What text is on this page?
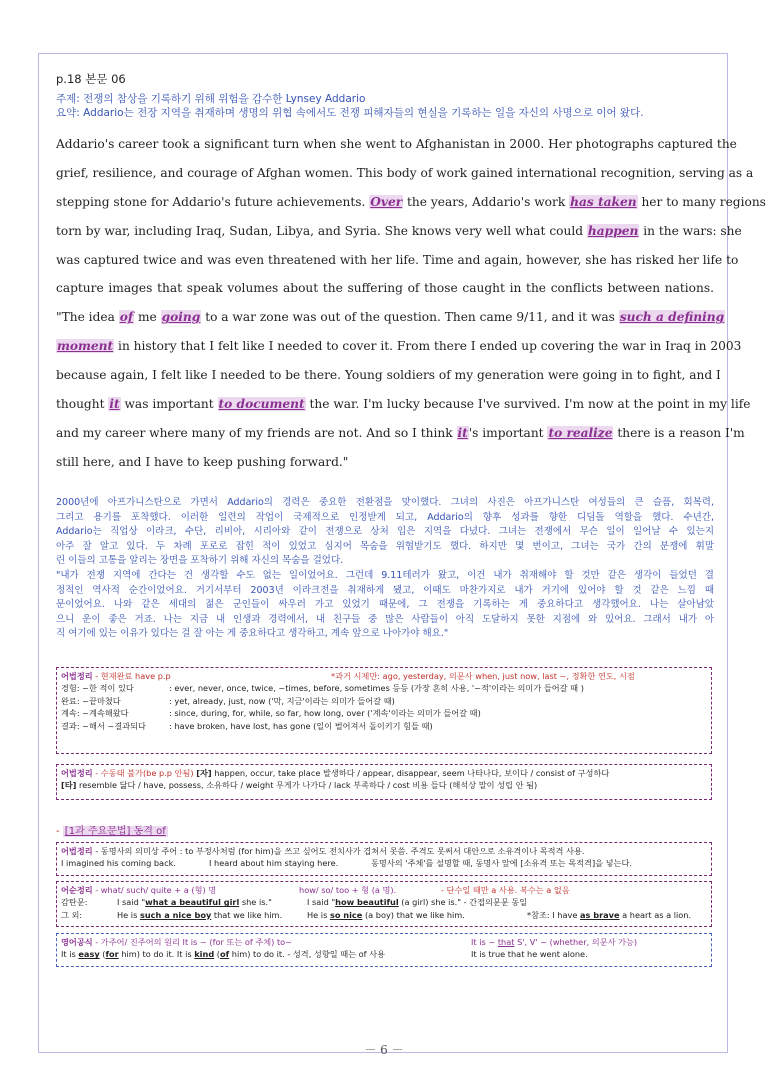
p.18 본문 06
주제: 전쟁의 참상을 기록하기 위해 위험을 감수한 Lynsey Addario
요약: Addario는 전장 지역을 취재하며 생명의 위협 속에서도 전쟁 피해자들의 현실을 기록하는 일을 자신의 사명으로 이어 왔다.
Addario's career took a significant turn when she went to Afghanistan in 2000. Her photographs captured the
grief, resilience, and courage of Afghan women. This body of work gained international recognition, serving as a
stepping stone for Addario's future achievements. Over the years, Addario's work has taken her to many regions
torn by war, including Iraq, Sudan, Libya, and Syria. She knows very well what could happen in the wars: she
was captured twice and was even threatened with her life. Time and again, however, she has risked her life to
capture images that speak volumes about the suffering of those caught in the conflicts between nations.
"The idea of me going to a war zone was out of the question. Then came 9/11, and it was such a defining
moment in history that I felt like I needed to cover it. From there I ended up covering the war in Iraq in 2003
because again, I felt like I needed to be there. Young soldiers of my generation were going in to fight, and I
thought it was important to document the war. I'm lucky because I've survived. I'm now at the point in my life
and my career where many of my friends are not. And so I think it's important to realize there is a reason I'm
still here, and I have to keep pushing forward."
2000년에 아프가니스탄으로 가면서 Addario의 경력은 중요한 전환점을 맞이했다. 그녀의 사진은 아프가니스탄 여성들의 큰 슬픔, 회복력,
그리고 용기를 포착했다. 이러한 일련의 작업이 국제적으로 인정받게 되고, Addario의 향후 성과를 향한 디딤돌 역할을 했다. 수년간,
Addario는 직업상 이라크, 수단, 리비아, 시리아와 같이 전쟁으로 상처 입은 지역을 다녔다. 그녀는 전쟁에서 무슨 일이 일어날 수 있는지
아주 잘 알고 있다. 두 차례 포로로 잡힌 적이 있었고 심지어 목숨을 위협받기도 했다. 하지만 몇 번이고, 그녀는 국가 간의 분쟁에 휘말
린 이들의 고통을 알리는 장면을 포착하기 위해 자신의 목숨을 걸었다.
"내가 전쟁 지역에 간다는 건 생각할 수도 없는 일이었어요. 그런데 9.11테러가 왔고, 이건 내가 취재해야 할 것만 같은 생각이 들었던 결
정적인 역사적 순간이었어요. 거기서부터 2003년 이라크전을 취재하게 됐고, 이때도 마찬가지로 내가 거기에 있어야 할 것 같은 느낌 때
문이었어요. 나와 같은 세대의 젊은 군인들이 싸우러 가고 있었기 때문에, 그 전쟁을 기록하는 게 중요하다고 생각했어요. 나는 살아남았
으니 운이 좋은 거죠. 나는 지금 내 인생과 경력에서, 내 친구들 중 많은 사람들이 아직 도달하지 못한 지점에 와 있어요. 그래서 내가 아
직 여기에 있는 이유가 있다는 걸 잘 아는 게 중요하다고 생각하고, 계속 앞으로 나아가야 해요."
어법정리 - 현재완료 have p.p	*과거 시제만: ago, yesterday, 의문사 when, just now, last ~, 정확한 연도, 시점
경험: ~한 적이 있다	: ever, never, once, twice, ~times, before, sometimes 등등 (가장 흔히 사용, '~적'이라는 의미가 들어갈 때 )
완료: ~끝마쳤다	: yet, already, just, now ('막, 지금'이라는 의미가 들어갈 때)
계속: ~계속해왔다	: since, during, for, while, so far, how long, over ('계속'이라는 의미가 들어갈 때)
결과: ~해서 ~결과되다	: have broken, have lost, has gone (일이 벌어져서 돌이키기 힘들 때)
어법정리 - 수동태 불가(be p.p 안됨) [자] happen, occur, take place 발생하다 / appear, disappear, seem 나타나다, 보이다 / consist of 구성하다
[타] resemble 닮다 / have, possess, 소유하다 / weight 무게가 나가다 / lack 부족하다 / cost 비용 들다 (해석상 말이 성립 안 됨)
- [1과 주요문법] 동격 of
어법정리 - 동명사의 의미상 주어 : to 부정사처럼 (for him)을 쓰고 싶어도 전치사가 겹쳐서 못씀. 주격도 못써서 대안으로 소유격이나 목적격 사용.
I imagined his coming back.	I heard about him staying here.	동명사의 '주체'를 설명할 때, 동명사 앞에 [소유격 또는 목적격]을 넣는다.
어순정리 - what/ such/ quite + a (형) 명	how/ so/ too + 형 (a 명).	- 단수일 때만 a 사용. 복수는 a 없음
감탄문:	I said "what a beautiful girl she is."	I said "how beautiful (a girl) she is." - 간접의문문 동일
그 외:	He is such a nice boy that we like him.	He is so nice (a boy) that we like him.	*참조: I have as brave a heart as a lion.
영어공식 - 가주어/ 진주어의 원리 It is ~ (for 또는 of 주체) to~	It is ~ that S', V' ~ (whether, 의문사 가능)
It is easy (for him) to do it. It is kind (of him) to do it. - 성격, 성향일 때는 of 사용	It is true that he went alone.
－ 6 －
